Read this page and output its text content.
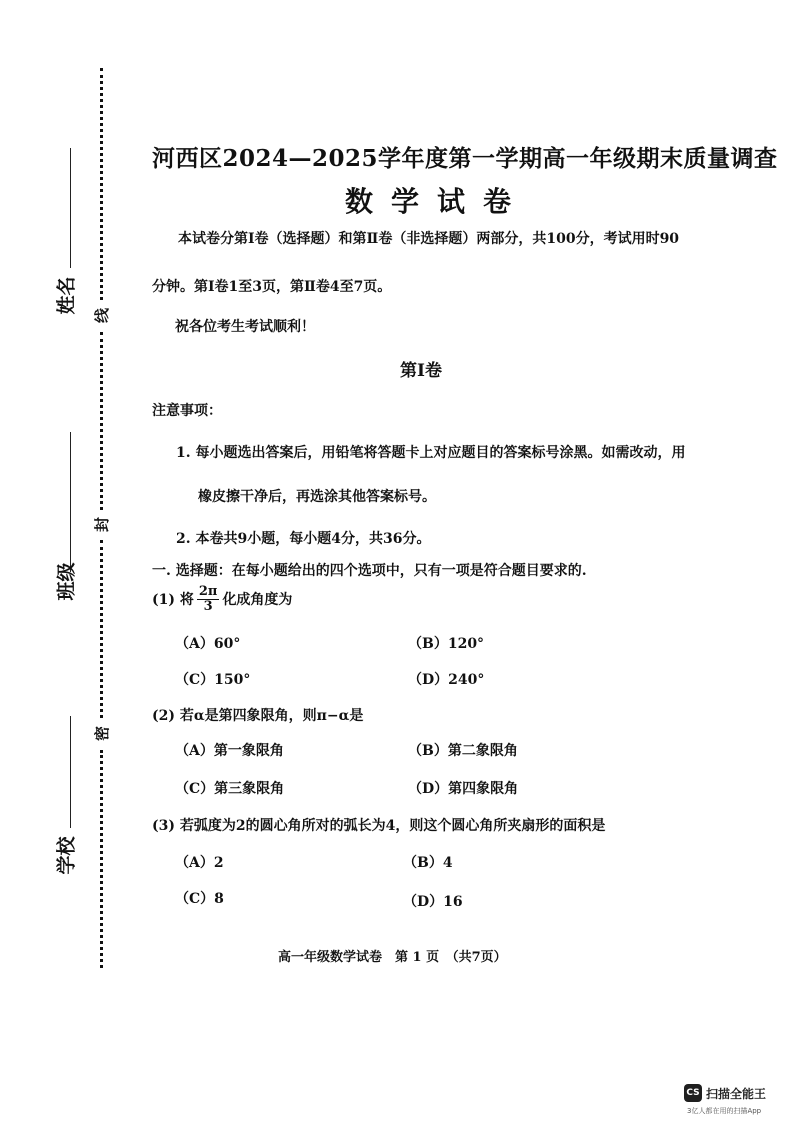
姓名
班级
学校
线
封
密
河西区2024—2025学年度第一学期高一年级期末质量调查
数学试卷
本试卷分第Ⅰ卷（选择题）和第Ⅱ卷（非选择题）两部分，共100分，考试用时90
分钟。第Ⅰ卷1至3页，第Ⅱ卷4至7页。
祝各位考生考试顺利！
第Ⅰ卷
注意事项：
1. 每小题选出答案后，用铅笔将答题卡上对应题目的答案标号涂黑。如需改动，用
橡皮擦干净后，再选涂其他答案标号。
2. 本卷共9小题，每小题4分，共36分。
一. 选择题：在每小题给出的四个选项中，只有一项是符合题目要求的.
(1) 将 $\frac{2\pi}{3}$ 化成角度为
（A）60°	（B）120°
（C）150°	（D）240°
(2) 若α是第四象限角，则π−α是
（A）第一象限角	（B）第二象限角
（C）第三象限角	（D）第四象限角
(3) 若弧度为2的圆心角所对的弧长为4，则这个圆心角所夹扇形的面积是
（A）2	（B）4
（C）8	（D）16
高一年级数学试卷　第 1 页　（共7页）
CS 扫描全能王
3亿人都在用的扫描App
